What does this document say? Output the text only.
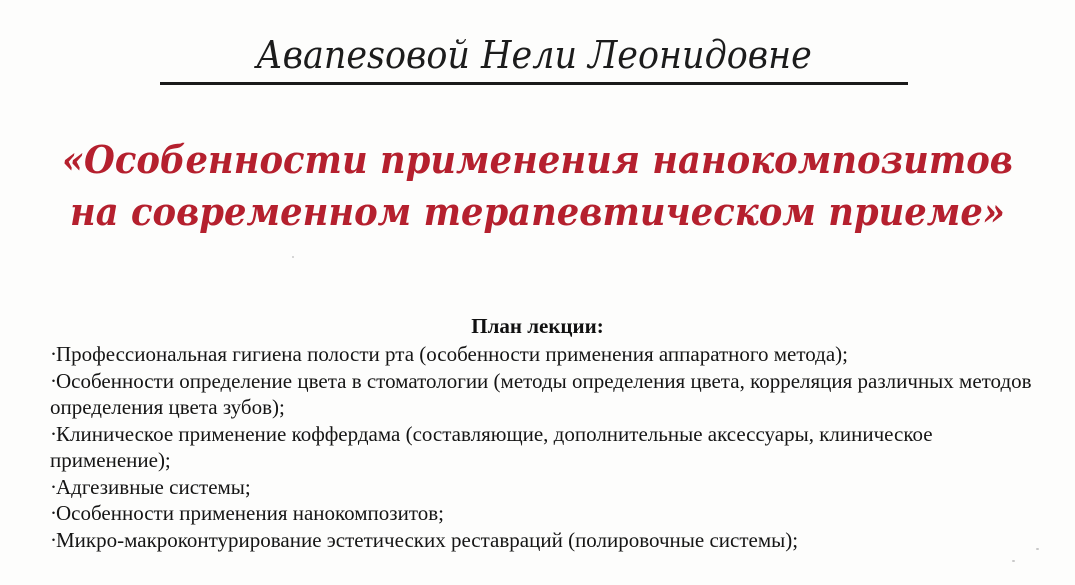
Авanesовой Нели Леонидовне
«Особенности применения нанокомпозитов
на современном терапевтическом приеме»
План лекции:
·Профессиональная гигиена полости рта (особенности применения аппаратного метода);
·Особенности определение цвета в стоматологии (методы определения цвета, корреляция различных методов определения цвета зубов);
·Клиническое применение коффердама (составляющие, дополнительные аксессуары, клиническое применение);
·Адгезивные системы;
·Особенности применения нанокомпозитов;
·Микро-макроконтурирование эстетических реставраций (полировочные системы);
